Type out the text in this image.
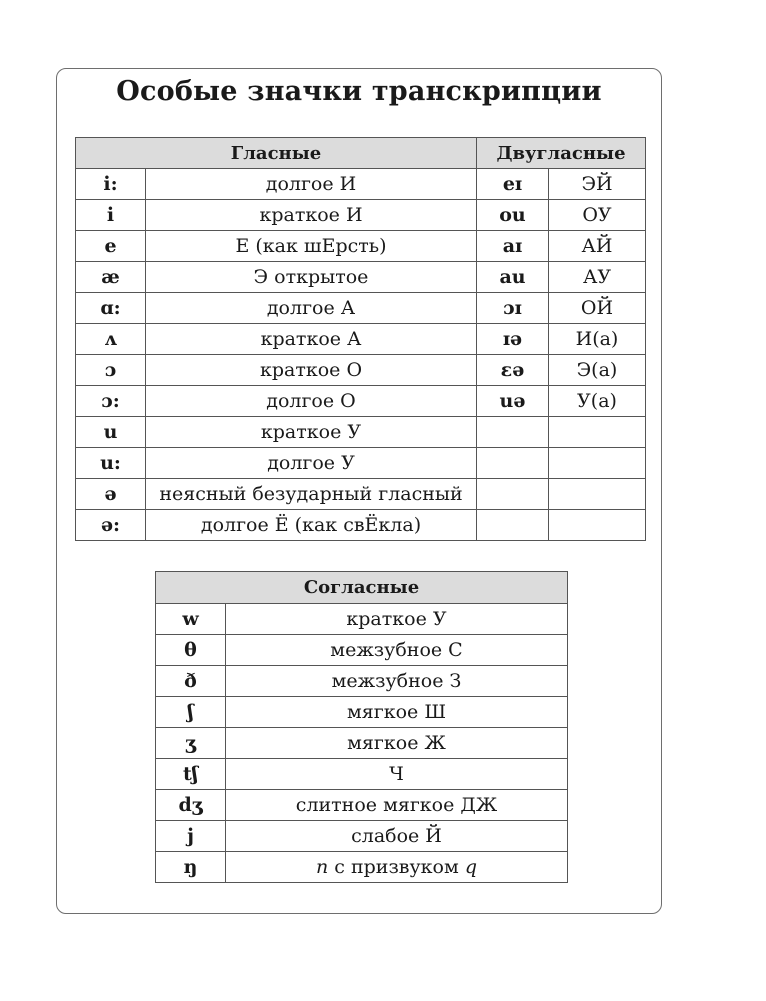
Особые значки транскрипции
Гласные		Двугласные	
i:	долгое И	eɪ	ЭЙ
i	краткое И	ou	ОУ
e	Е (как шЕрсть)	aɪ	АЙ
æ	Э открытое	au	АУ
ɑ:	долгое А	ɔɪ	ОЙ
ʌ	краткое А	ɪə	И(а)
ɔ	краткое О	ɛə	Э(а)
ɔ:	долгое О	uə	У(а)
u	краткое У		
u:	долгое У		
ə	неясный безударный гласный		
ə:	долгое Ё (как свЁкла)		
Согласные	
w	краткое У
θ	межзубное С
ð	межзубное З
ʃ	мягкое Ш
ʒ	мягкое Ж
tʃ	Ч
dʒ	слитное мягкое ДЖ
j	слабое Й
ŋ	n с призвуком q
